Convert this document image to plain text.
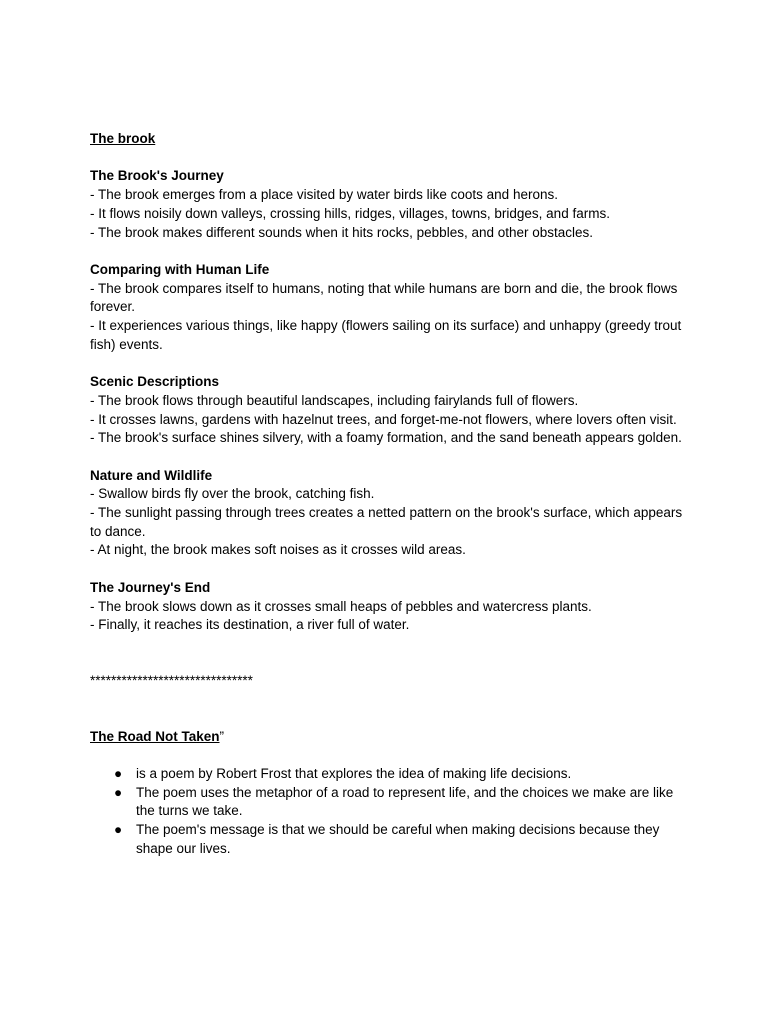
The brook
The Brook's Journey
- The brook emerges from a place visited by water birds like coots and herons.
- It flows noisily down valleys, crossing hills, ridges, villages, towns, bridges, and farms.
- The brook makes different sounds when it hits rocks, pebbles, and other obstacles.
Comparing with Human Life
- The brook compares itself to humans, noting that while humans are born and die, the brook flows forever.
- It experiences various things, like happy (flowers sailing on its surface) and unhappy (greedy trout fish) events.
Scenic Descriptions
- The brook flows through beautiful landscapes, including fairylands full of flowers.
- It crosses lawns, gardens with hazelnut trees, and forget-me-not flowers, where lovers often visit.
- The brook's surface shines silvery, with a foamy formation, and the sand beneath appears golden.
Nature and Wildlife
- Swallow birds fly over the brook, catching fish.
- The sunlight passing through trees creates a netted pattern on the brook's surface, which appears to dance.
- At night, the brook makes soft noises as it crosses wild areas.
The Journey's End
- The brook slows down as it crosses small heaps of pebbles and watercress plants.
- Finally, it reaches its destination, a river full of water.
*******************************
The Road Not Taken”
● is a poem by Robert Frost that explores the idea of making life decisions.
● The poem uses the metaphor of a road to represent life, and the choices we make are like the turns we take.
● The poem's message is that we should be careful when making decisions because they shape our lives.
